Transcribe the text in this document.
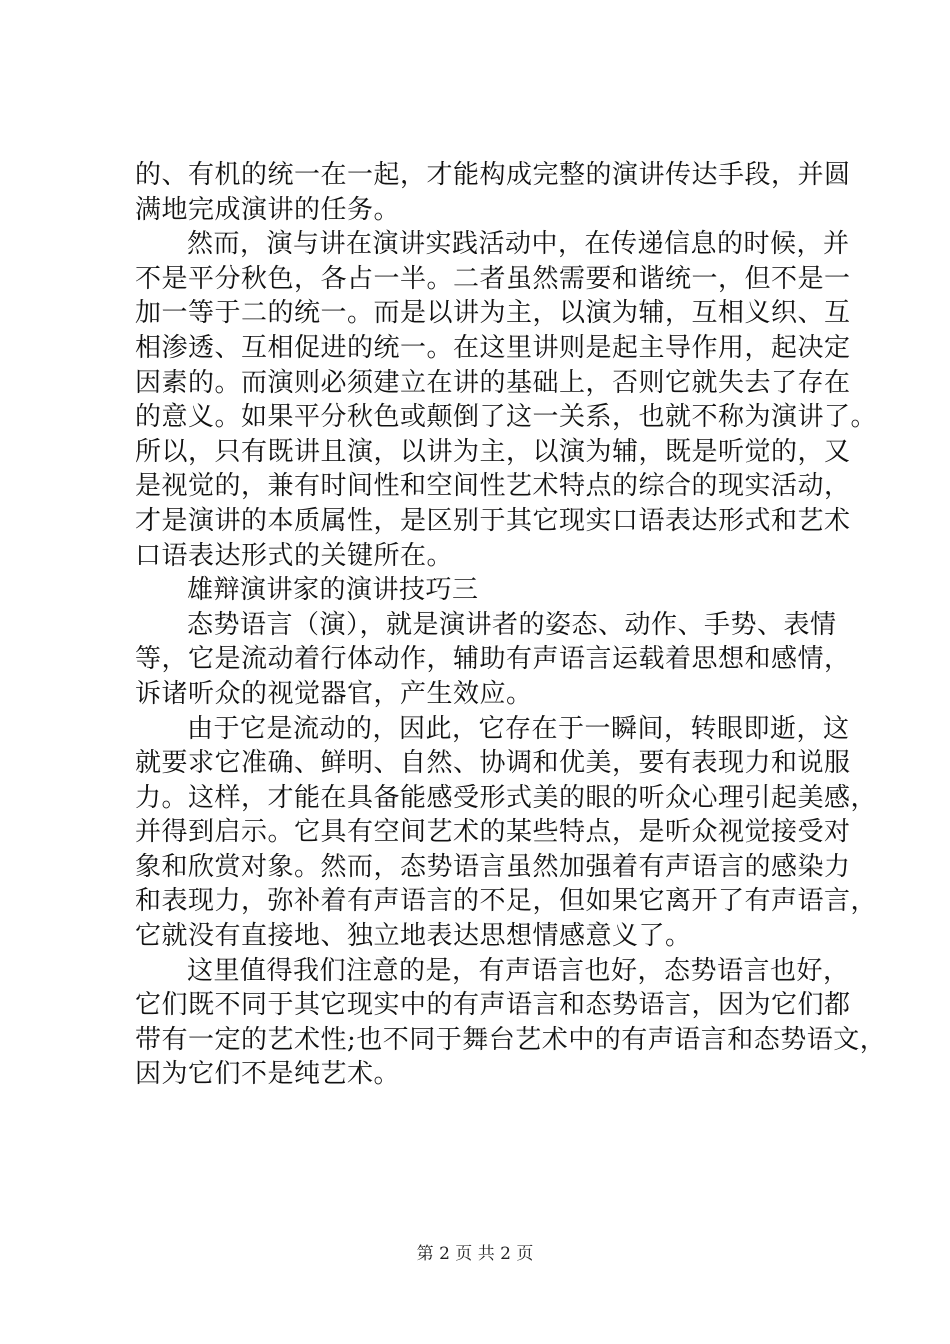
的、有机的统一在一起，才能构成完整的演讲传达手段，并圆
满地完成演讲的任务。
然而，演与讲在演讲实践活动中，在传递信息的时候，并
不是平分秋色，各占一半。二者虽然需要和谐统一，但不是一
加一等于二的统一。而是以讲为主，以演为辅，互相义织、互
相渗透、互相促进的统一。在这里讲则是起主导作用，起决定
因素的。而演则必须建立在讲的基础上，否则它就失去了存在
的意义。如果平分秋色或颠倒了这一关系，也就不称为演讲了。
所以，只有既讲且演，以讲为主，以演为辅，既是听觉的，又
是视觉的，兼有时间性和空间性艺术特点的综合的现实活动，
才是演讲的本质属性，是区别于其它现实口语表达形式和艺术
口语表达形式的关键所在。
雄辩演讲家的演讲技巧三
态势语言（演），就是演讲者的姿态、动作、手势、表情
等，它是流动着行体动作，辅助有声语言运载着思想和感情，
诉诸听众的视觉器官，产生效应。
由于它是流动的，因此，它存在于一瞬间，转眼即逝，这
就要求它准确、鲜明、自然、协调和优美，要有表现力和说服
力。这样，才能在具备能感受形式美的眼的听众心理引起美感，
并得到启示。它具有空间艺术的某些特点，是听众视觉接受对
象和欣赏对象。然而，态势语言虽然加强着有声语言的感染力
和表现力，弥补着有声语言的不足，但如果它离开了有声语言，
它就没有直接地、独立地表达思想情感意义了。
这里值得我们注意的是，有声语言也好，态势语言也好，
它们既不同于其它现实中的有声语言和态势语言，因为它们都
带有一定的艺术性;也不同于舞台艺术中的有声语言和态势语文，
因为它们不是纯艺术。
第 2 页 共 2 页
